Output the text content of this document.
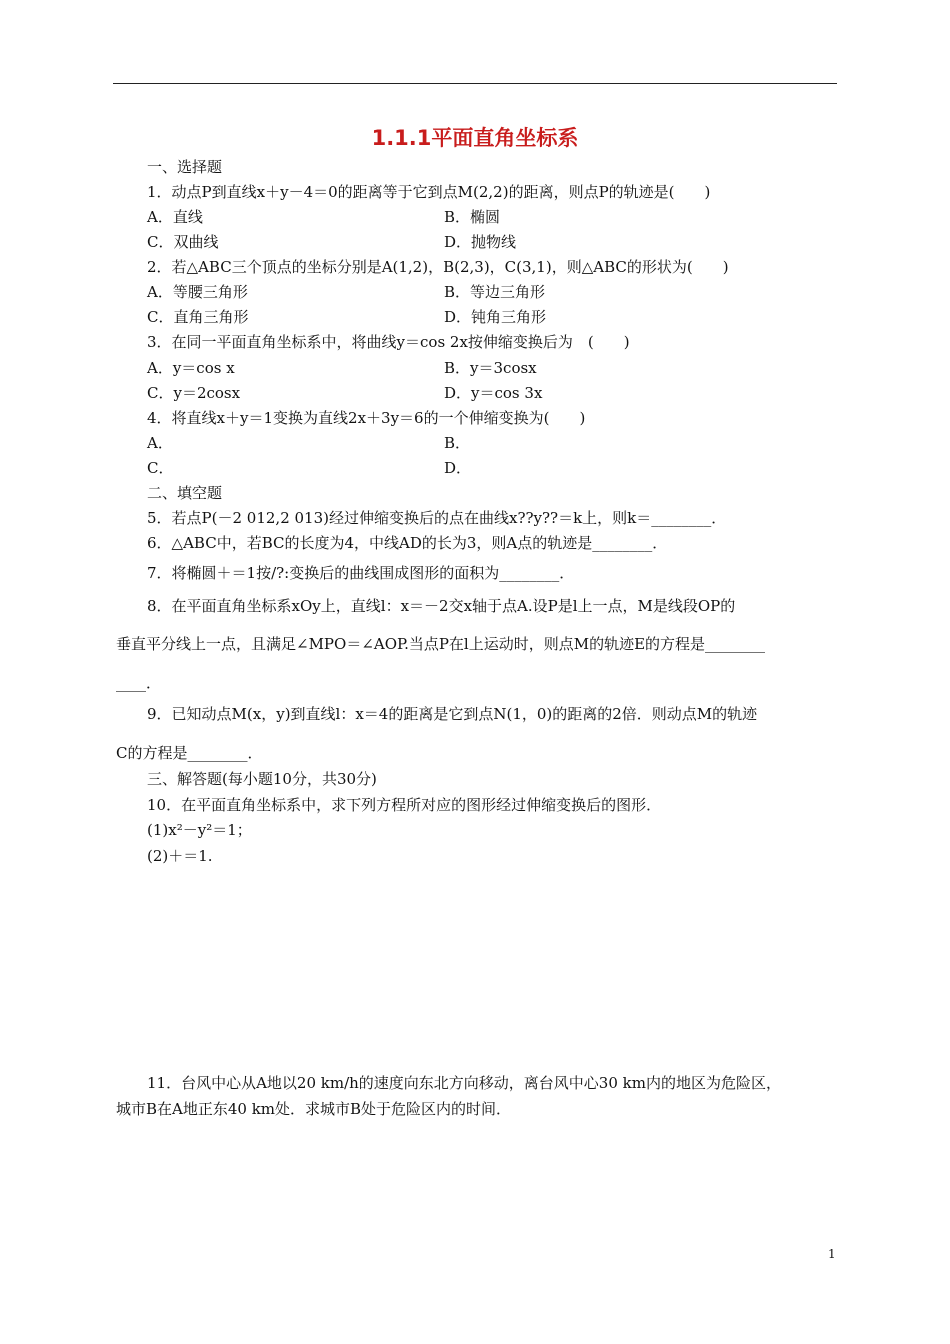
1.1.1平面直角坐标系
一、选择题
1．动点P到直线x＋y－4＝0的距离等于它到点M(2,2)的距离，则点P的轨迹是(　　)
A．直线	B．椭圆
C．双曲线	D．抛物线
2．若△ABC三个顶点的坐标分别是A(1,2)，B(2,3)，C(3,1)，则△ABC的形状为(　　)
A．等腰三角形	B．等边三角形
C．直角三角形	D．钝角三角形
3．在同一平面直角坐标系中，将曲线y＝cos 2x按伸缩变换后为　(　　)
A．y＝cos x	B．y＝3cosx
C．y＝2cosx	D．y＝cos 3x
4．将直线x＋y＝1变换为直线2x＋3y＝6的一个伸缩变换为(　　)
A．	B．
C．	D．
二、填空题
5．若点P(－2 012,2 013)经过伸缩变换后的点在曲线x??y??＝k上，则k＝________．
6．△ABC中，若BC的长度为4，中线AD的长为3，则A点的轨迹是________．
7．将椭圆＋＝1按/?:变换后的曲线围成图形的面积为________．
8．在平面直角坐标系xOy上，直线l：x＝－2交x轴于点A.设P是l上一点，M是线段OP的
垂直平分线上一点，且满足∠MPO＝∠AOP.当点P在l上运动时，则点M的轨迹E的方程是________
____．
9．已知动点M(x，y)到直线l：x＝4的距离是它到点N(1，0)的距离的2倍．则动点M的轨迹
C的方程是________．
三、解答题(每小题10分，共30分)
10．在平面直角坐标系中，求下列方程所对应的图形经过伸缩变换后的图形．
(1)x²－y²＝1；
(2)＋＝1.
11．台风中心从A地以20 km/h的速度向东北方向移动，离台风中心30 km内的地区为危险区，
城市B在A地正东40 km处．求城市B处于危险区内的时间．
1
